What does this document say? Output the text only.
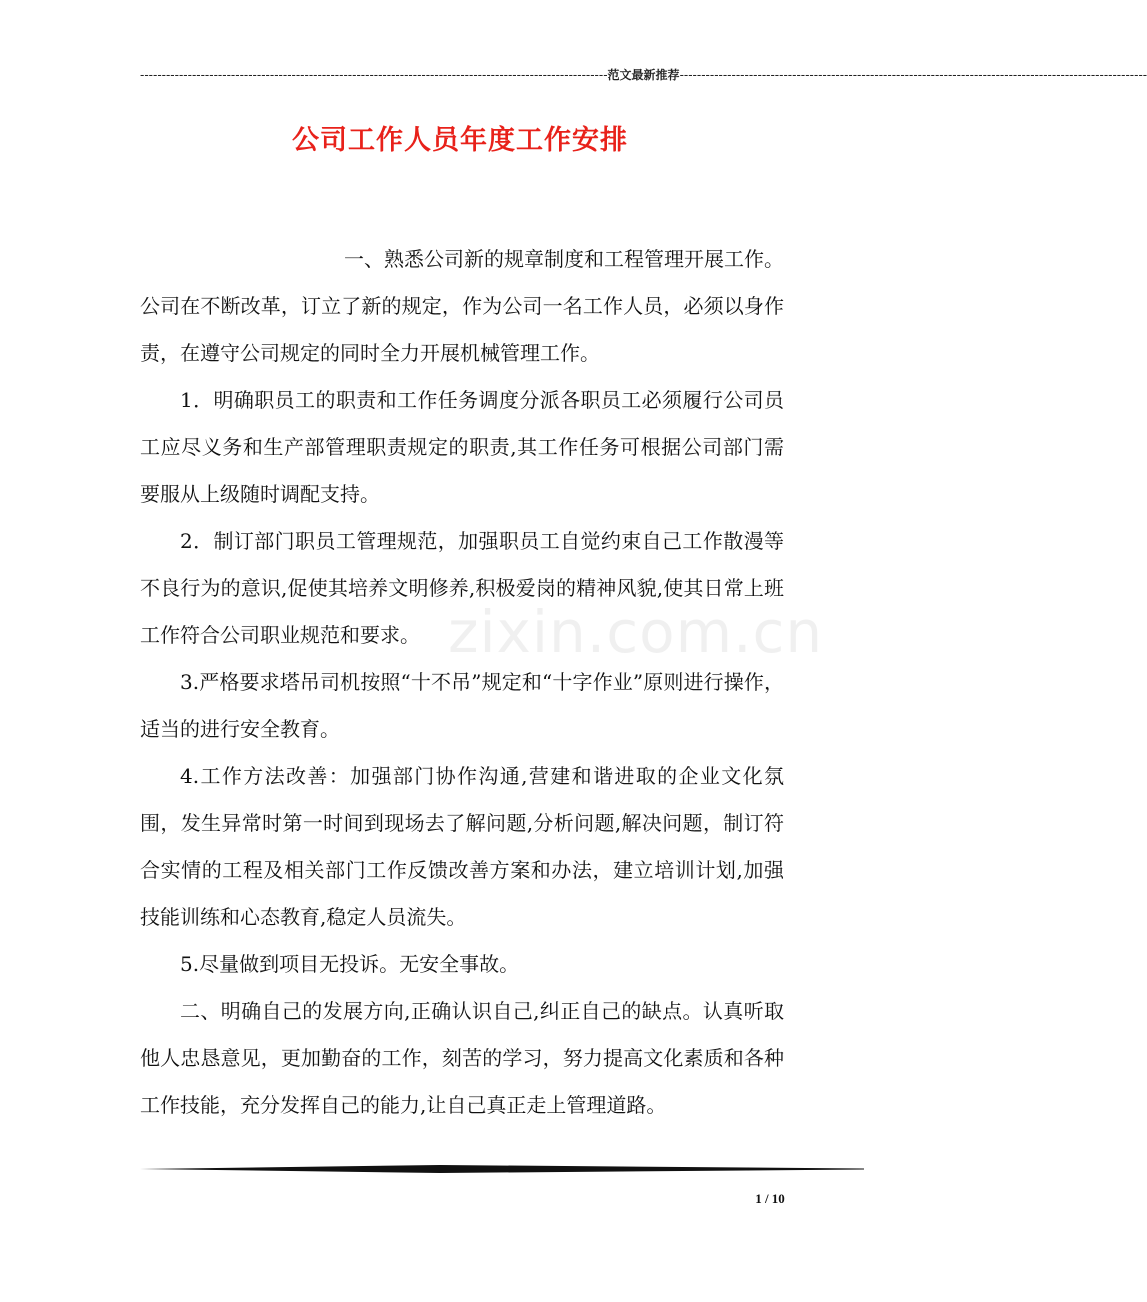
------------------------------------------------------------------------------------------------------------ 范文最新推荐 ------------------------------------------------------------------------------------------------------------
公司工作人员年度工作安排

一、熟悉公司新的规章制度和工程管理开展工作。公司在不断改革，订立了新的规定，作为公司一名工作人员，必须以身作责，在遵守公司规定的同时全力开展机械管理工作。

1．明确职员工的职责和工作任务调度分派各职员工必须履行公司员工应尽义务和生产部管理职责规定的职责,其工作任务可根据公司部门需要服从上级随时调配支持。

2．制订部门职员工管理规范，加强职员工自觉约束自己工作散漫等不良行为的意识,促使其培养文明修养,积极爱岗的精神风貌,使其日常上班工作符合公司职业规范和要求。

3.严格要求塔吊司机按照“十不吊”规定和“十字作业”原则进行操作，适当的进行安全教育。

4.工作方法改善：加强部门协作沟通,营建和谐进取的企业文化氛围，发生异常时第一时间到现场去了解问题,分析问题,解决问题，制订符合实情的工程及相关部门工作反馈改善方案和办法，建立培训计划,加强技能训练和心态教育,稳定人员流失。

5.尽量做到项目无投诉。无安全事故。

二、明确自己的发展方向,正确认识自己,纠正自己的缺点。认真听取他人忠恳意见，更加勤奋的工作，刻苦的学习，努力提高文化素质和各种工作技能，充分发挥自己的能力,让自己真正走上管理道路。

zixin.com.cn
1 / 10
